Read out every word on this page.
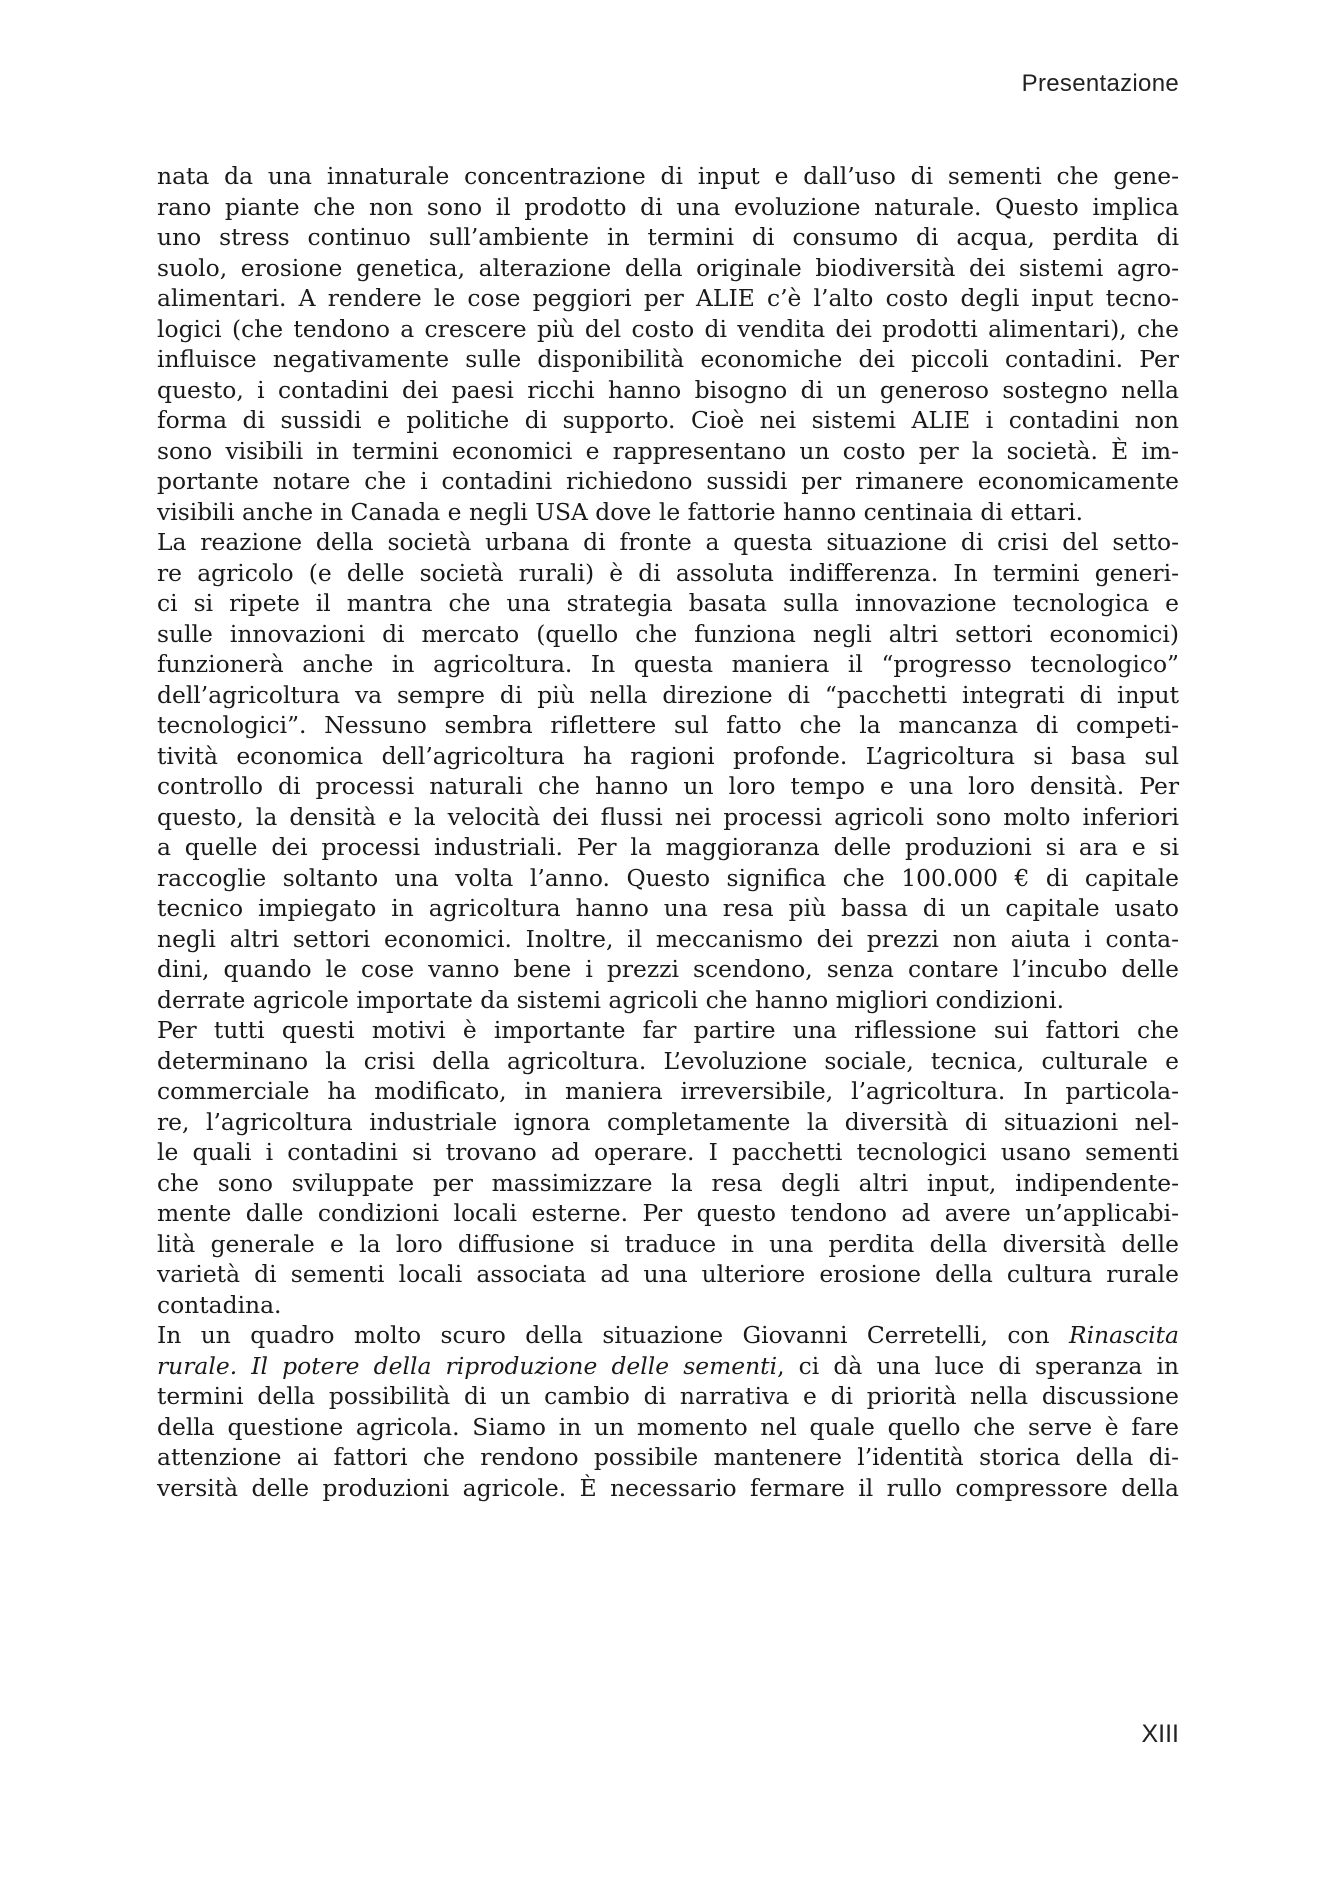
Presentazione
nata da una innaturale concentrazione di input e dall’uso di sementi che gene-
rano piante che non sono il prodotto di una evoluzione naturale. Questo implica
uno stress continuo sull’ambiente in termini di consumo di acqua, perdita di
suolo, erosione genetica, alterazione della originale biodiversità dei sistemi agro-
alimentari. A rendere le cose peggiori per ALIE c’è l’alto costo degli input tecno-
logici (che tendono a crescere più del costo di vendita dei prodotti alimentari), che
influisce negativamente sulle disponibilità economiche dei piccoli contadini. Per
questo, i contadini dei paesi ricchi hanno bisogno di un generoso sostegno nella
forma di sussidi e politiche di supporto. Cioè nei sistemi ALIE i contadini non
sono visibili in termini economici e rappresentano un costo per la società. È im-
portante notare che i contadini richiedono sussidi per rimanere economicamente
visibili anche in Canada e negli USA dove le fattorie hanno centinaia di ettari.
La reazione della società urbana di fronte a questa situazione di crisi del setto-
re agricolo (e delle società rurali) è di assoluta indifferenza. In termini generi-
ci si ripete il mantra che una strategia basata sulla innovazione tecnologica e
sulle innovazioni di mercato (quello che funziona negli altri settori economici)
funzionerà anche in agricoltura. In questa maniera il “progresso tecnologico”
dell’agricoltura va sempre di più nella direzione di “pacchetti integrati di input
tecnologici”. Nessuno sembra riflettere sul fatto che la mancanza di competi-
tività economica dell’agricoltura ha ragioni profonde. L’agricoltura si basa sul
controllo di processi naturali che hanno un loro tempo e una loro densità. Per
questo, la densità e la velocità dei flussi nei processi agricoli sono molto inferiori
a quelle dei processi industriali. Per la maggioranza delle produzioni si ara e si
raccoglie soltanto una volta l’anno. Questo significa che 100.000 € di capitale
tecnico impiegato in agricoltura hanno una resa più bassa di un capitale usato
negli altri settori economici. Inoltre, il meccanismo dei prezzi non aiuta i conta-
dini, quando le cose vanno bene i prezzi scendono, senza contare l’incubo delle
derrate agricole importate da sistemi agricoli che hanno migliori condizioni.
Per tutti questi motivi è importante far partire una riflessione sui fattori che
determinano la crisi della agricoltura. L’evoluzione sociale, tecnica, culturale e
commerciale ha modificato, in maniera irreversibile, l’agricoltura. In particola-
re, l’agricoltura industriale ignora completamente la diversità di situazioni nel-
le quali i contadini si trovano ad operare. I pacchetti tecnologici usano sementi
che sono sviluppate per massimizzare la resa degli altri input, indipendente-
mente dalle condizioni locali esterne. Per questo tendono ad avere un’applicabi-
lità generale e la loro diffusione si traduce in una perdita della diversità delle
varietà di sementi locali associata ad una ulteriore erosione della cultura rurale
contadina.
In un quadro molto scuro della situazione Giovanni Cerretelli, con Rinascita
rurale. Il potere della riproduzione delle sementi, ci dà una luce di speranza in
termini della possibilità di un cambio di narrativa e di priorità nella discussione
della questione agricola. Siamo in un momento nel quale quello che serve è fare
attenzione ai fattori che rendono possibile mantenere l’identità storica della di-
versità delle produzioni agricole. È necessario fermare il rullo compressore della
XIII
